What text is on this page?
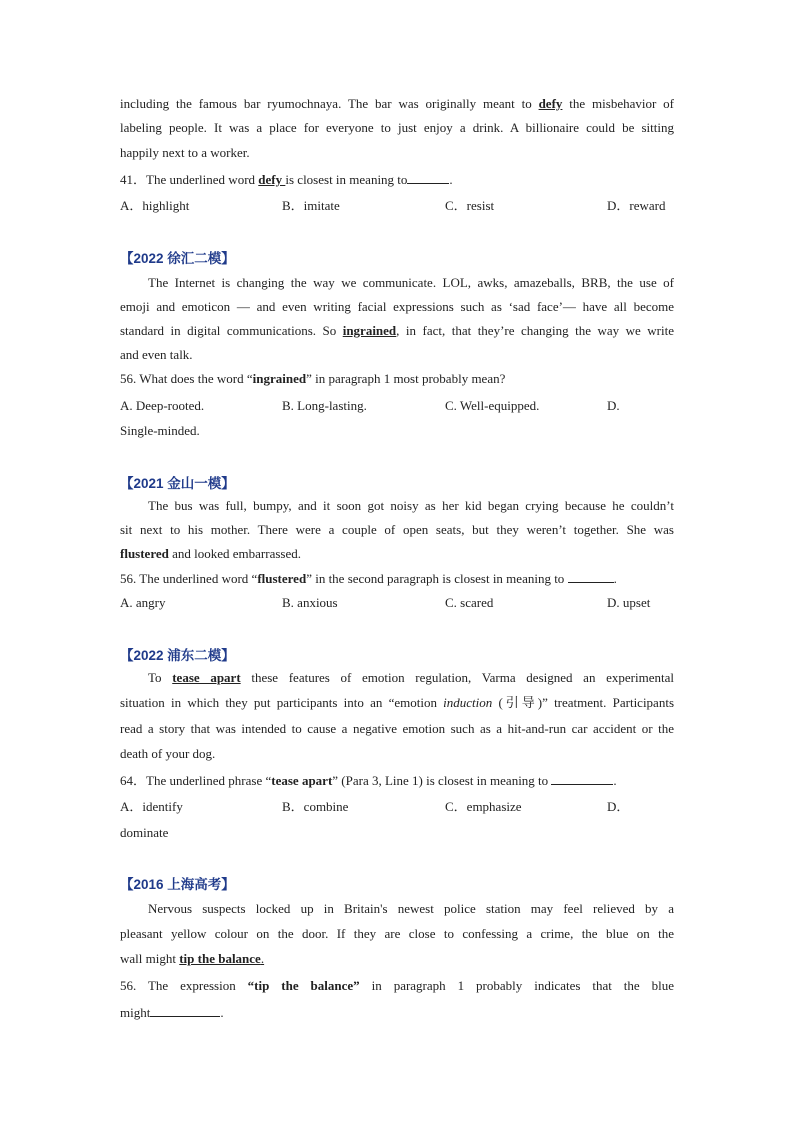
including the famous bar ryumochnaya. The bar was originally meant to defy the misbehavior of
labeling people. It was a place for everyone to just enjoy a drink. A billionaire could be sitting
happily next to a worker.
41．The underlined word defy is closest in meaning to	.
A．highlight	B．imitate	C．resist	D．reward
【2022 徐汇二模】
The Internet is changing the way we communicate. LOL, awks, amazeballs, BRB, the use of
emoji and emoticon — and even writing facial expressions such as ‘sad face’— have all become
standard in digital communications. So ingrained, in fact, that they’re changing the way we write
and even talk.
56. What does the word “ingrained” in paragraph 1 most probably mean?
A. Deep-rooted.	B. Long-lasting.	C. Well-equipped.	D.
Single-minded.
【2021 金山一模】
The bus was full, bumpy, and it soon got noisy as her kid began crying because he couldn’t
sit next to his mother. There were a couple of open seats, but they weren’t together. She was
flustered and looked embarrassed.
56. The underlined word “flustered” in the second paragraph is closest in meaning to	.
A. angry	B. anxious	C. scared	D. upset
【2022 浦东二模】
To tease apart these features of emotion regulation, Varma designed an experimental
situation in which they put participants into an “emotion induction (引导)” treatment. Participants
read a story that was intended to cause a negative emotion such as a hit-and-run car accident or the
death of your dog.
64．The underlined phrase “tease apart” (Para 3, Line 1) is closest in meaning to	.
A．identify	B．combine	C．emphasize	D．
dominate
【2016 上海高考】
Nervous suspects locked up in Britain's newest police station may feel relieved by a
pleasant yellow colour on the door. If they are close to confessing a crime, the blue on the
wall might tip the balance.
56. The expression “tip the balance” in paragraph 1 probably indicates that the blue
might	.
